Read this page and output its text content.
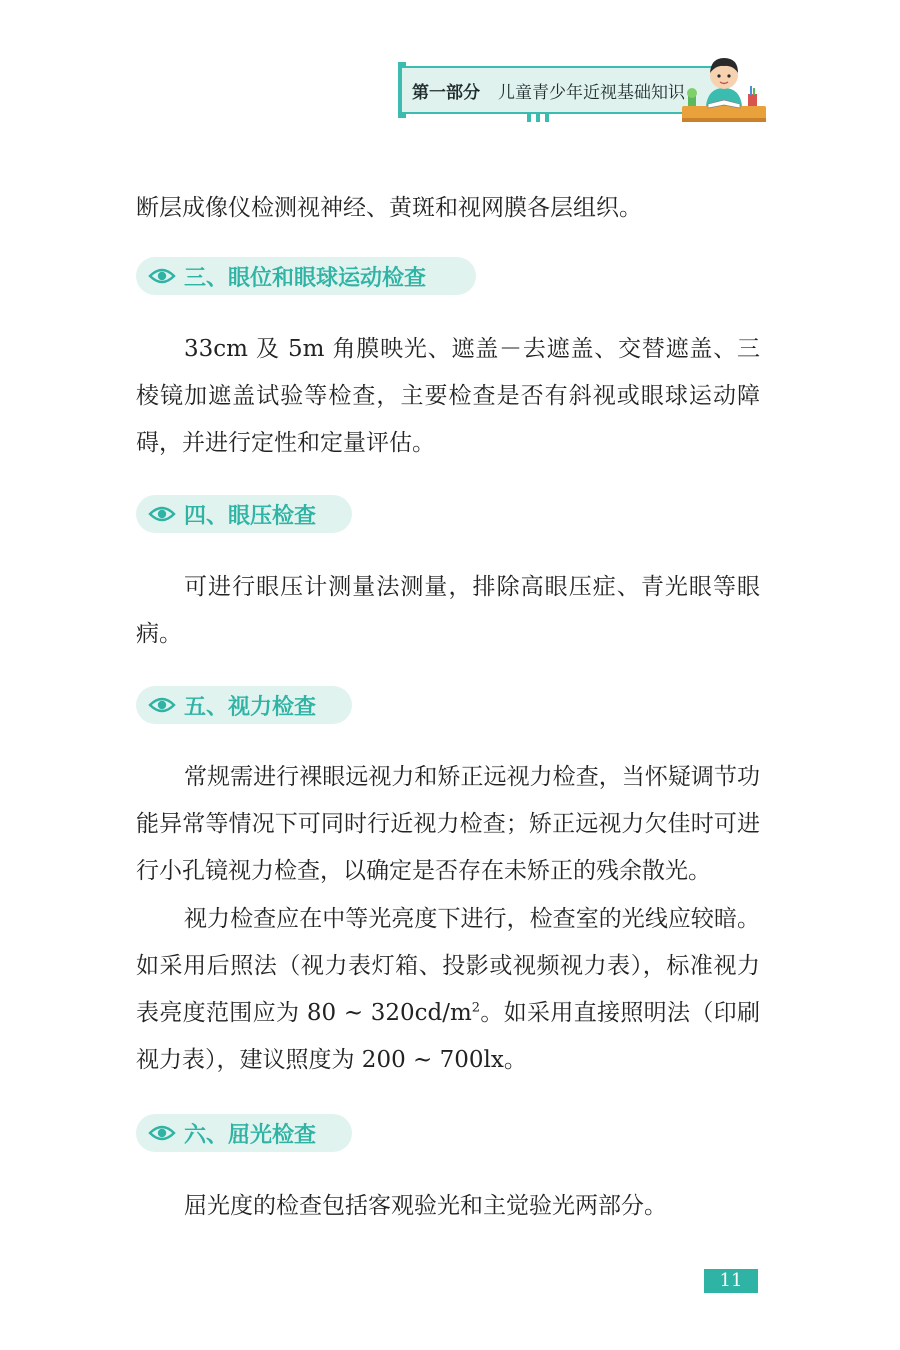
第一部分 儿童青少年近视基础知识

断层成像仪检测视神经、黄斑和视网膜各层组织。

三、眼位和眼球运动检查

33cm 及 5m 角膜映光、遮盖－去遮盖、交替遮盖、三棱镜加遮盖试验等检查，主要检查是否有斜视或眼球运动障碍，并进行定性和定量评估。

四、眼压检查

可进行眼压计测量法测量，排除高眼压症、青光眼等眼病。

五、视力检查

常规需进行裸眼远视力和矫正远视力检查，当怀疑调节功能异常等情况下可同时行近视力检查；矫正远视力欠佳时可进行小孔镜视力检查，以确定是否存在未矫正的残余散光。

视力检查应在中等光亮度下进行，检查室的光线应较暗。如采用后照法（视力表灯箱、投影或视频视力表），标准视力表亮度范围应为 80 ~ $320cd/m^2$。如采用直接照明法（印刷视力表），建议照度为 200 ~ 700lx。

六、屈光检查

屈光度的检查包括客观验光和主觉验光两部分。

11
